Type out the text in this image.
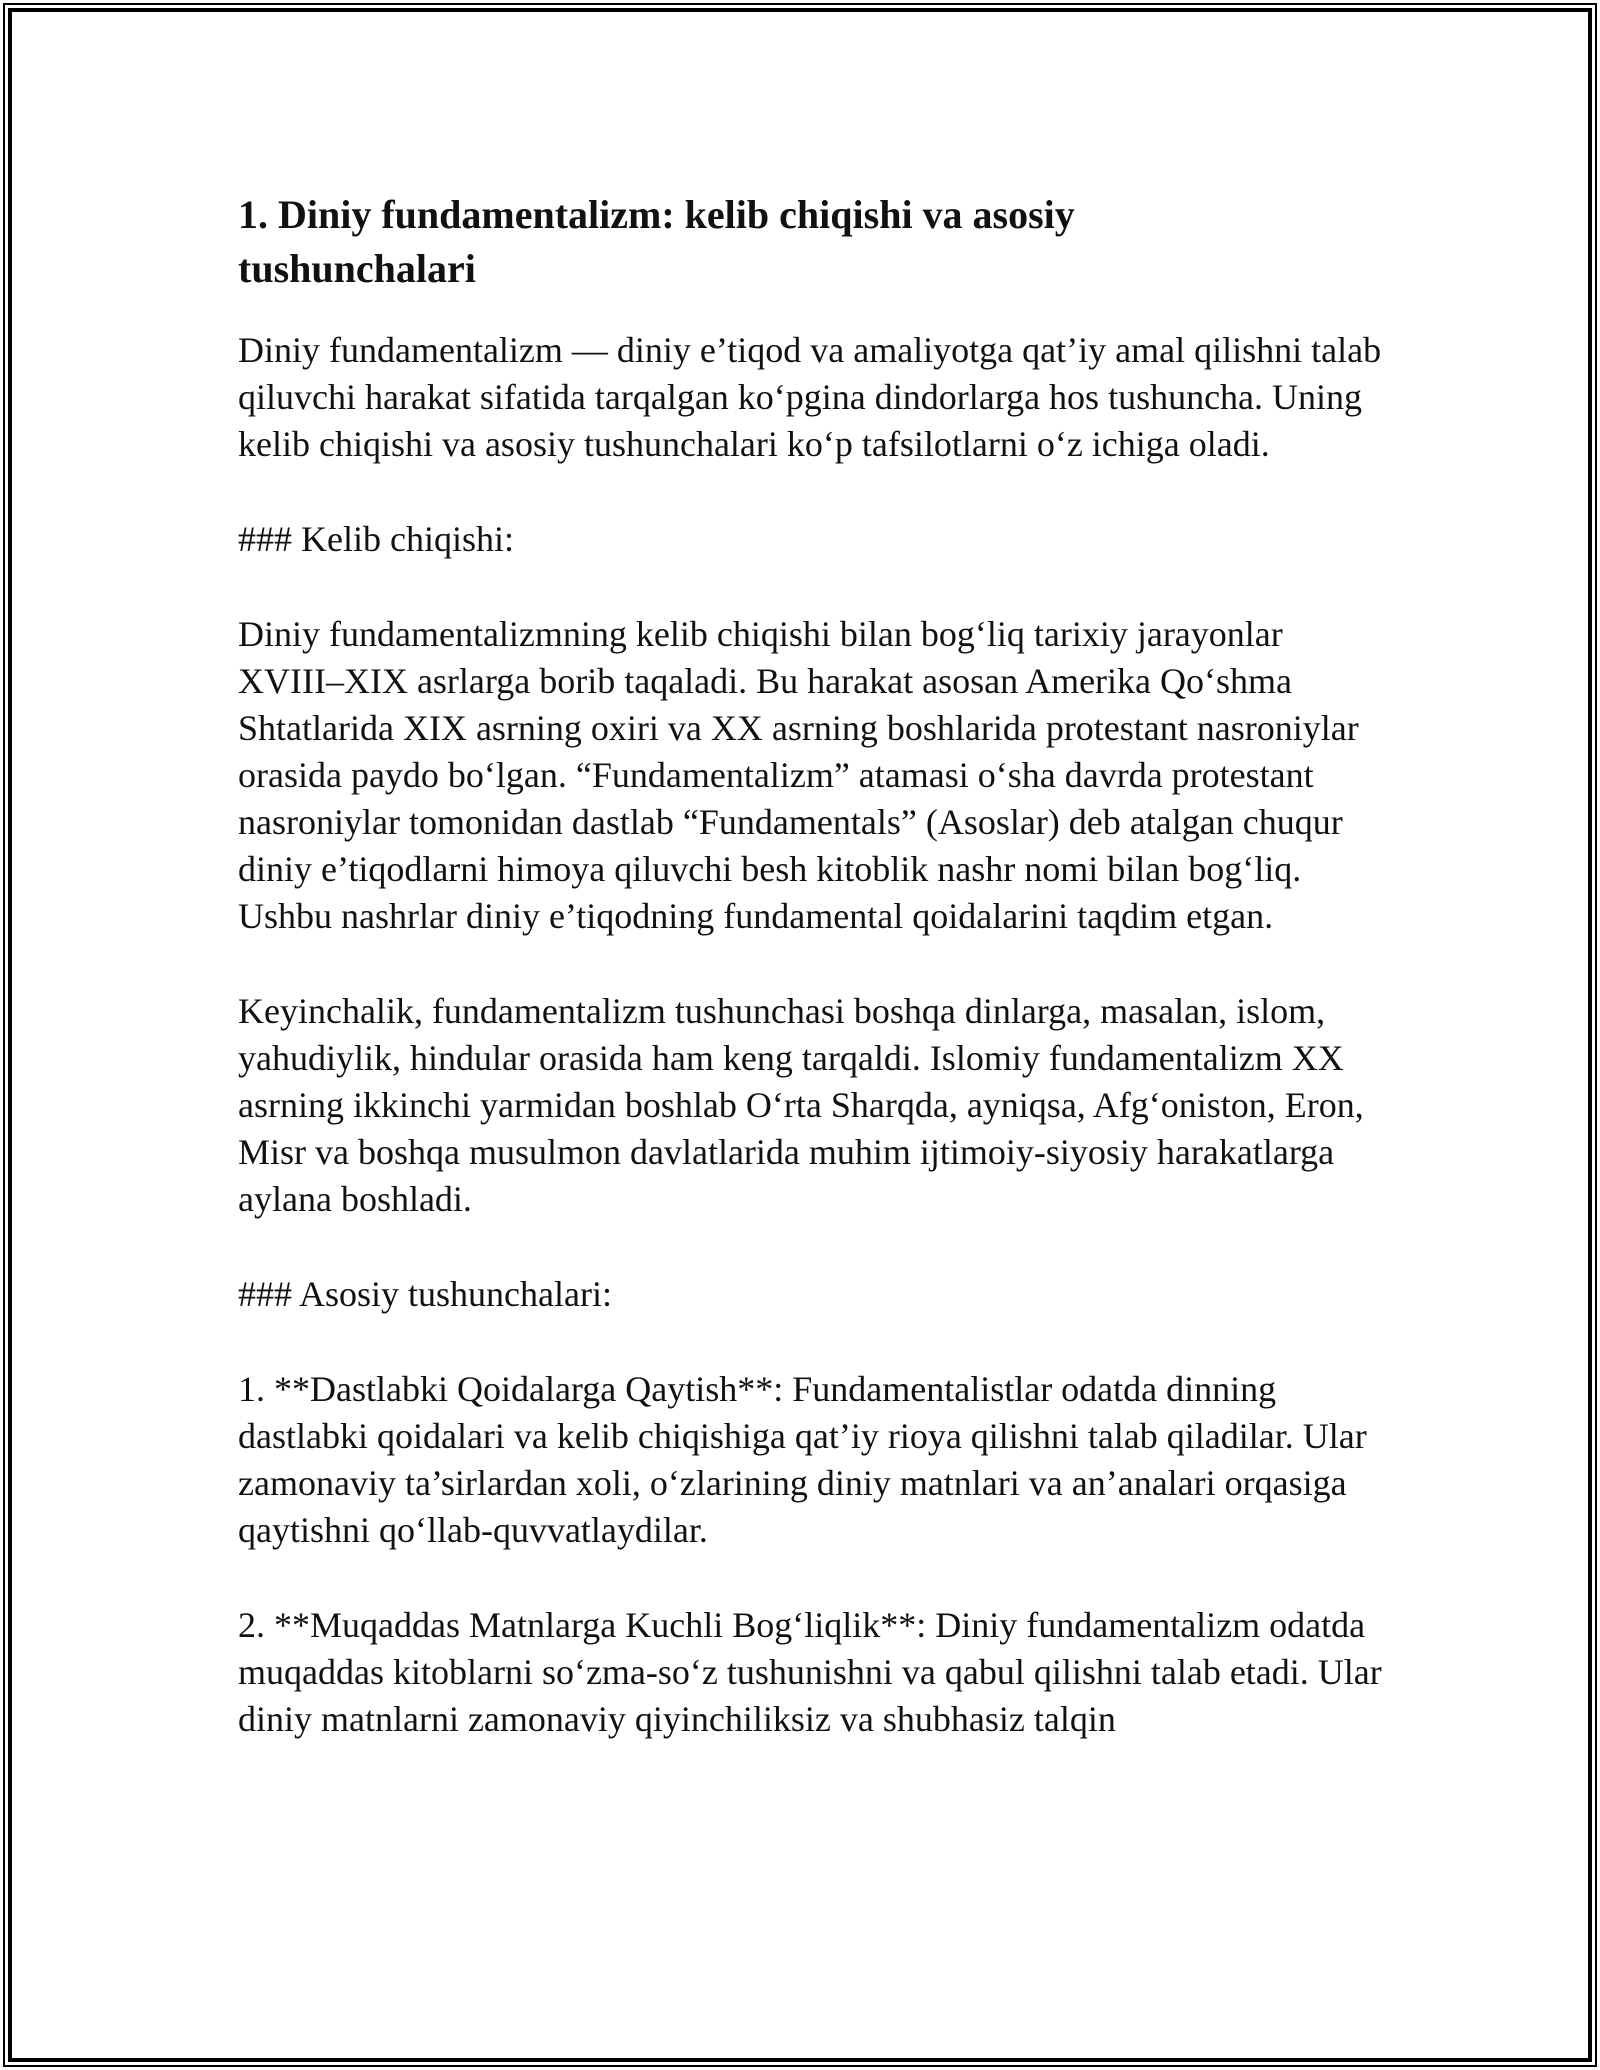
1. Diniy fundamentalizm: kelib chiqishi va asosiy tushunchalari

Diniy fundamentalizm — diniy e’tiqod va amaliyotga qat’iy amal qilishni talab qiluvchi harakat sifatida tarqalgan ko‘pgina dindorlarga hos tushuncha. Uning kelib chiqishi va asosiy tushunchalari ko‘p tafsilotlarni o‘z ichiga oladi.

### Kelib chiqishi:

Diniy fundamentalizmning kelib chiqishi bilan bog‘liq tarixiy jarayonlar XVIII–XIX asrlarga borib taqaladi. Bu harakat asosan Amerika Qo‘shma Shtatlarida XIX asrning oxiri va XX asrning boshlarida protestant nasroniylar orasida paydo bo‘lgan. “Fundamentalizm” atamasi o‘sha davrda protestant nasroniylar tomonidan dastlab “Fundamentals” (Asoslar) deb atalgan chuqur diniy e’tiqodlarni himoya qiluvchi besh kitoblik nashr nomi bilan bog‘liq. Ushbu nashrlar diniy e’tiqodning fundamental qoidalarini taqdim etgan.

Keyinchalik, fundamentalizm tushunchasi boshqa dinlarga, masalan, islom, yahudiylik, hindular orasida ham keng tarqaldi. Islomiy fundamentalizm XX asrning ikkinchi yarmidan boshlab O‘rta Sharqda, ayniqsa, Afg‘oniston, Eron, Misr va boshqa musulmon davlatlarida muhim ijtimoiy-siyosiy harakatlarga aylana boshladi.

### Asosiy tushunchalari:

1. **Dastlabki Qoidalarga Qaytish**: Fundamentalistlar odatda dinning dastlabki qoidalari va kelib chiqishiga qat’iy rioya qilishni talab qiladilar. Ular zamonaviy ta’sirlardan xoli, o‘zlarining diniy matnlari va an’analari orqasiga qaytishni qo‘llab-quvvatlaydilar.

2. **Muqaddas Matnlarga Kuchli Bog‘liqlik**: Diniy fundamentalizm odatda muqaddas kitoblarni so‘zma-so‘z tushunishni va qabul qilishni talab etadi. Ular diniy matnlarni zamonaviy qiyinchiliksiz va shubhasiz talqin
